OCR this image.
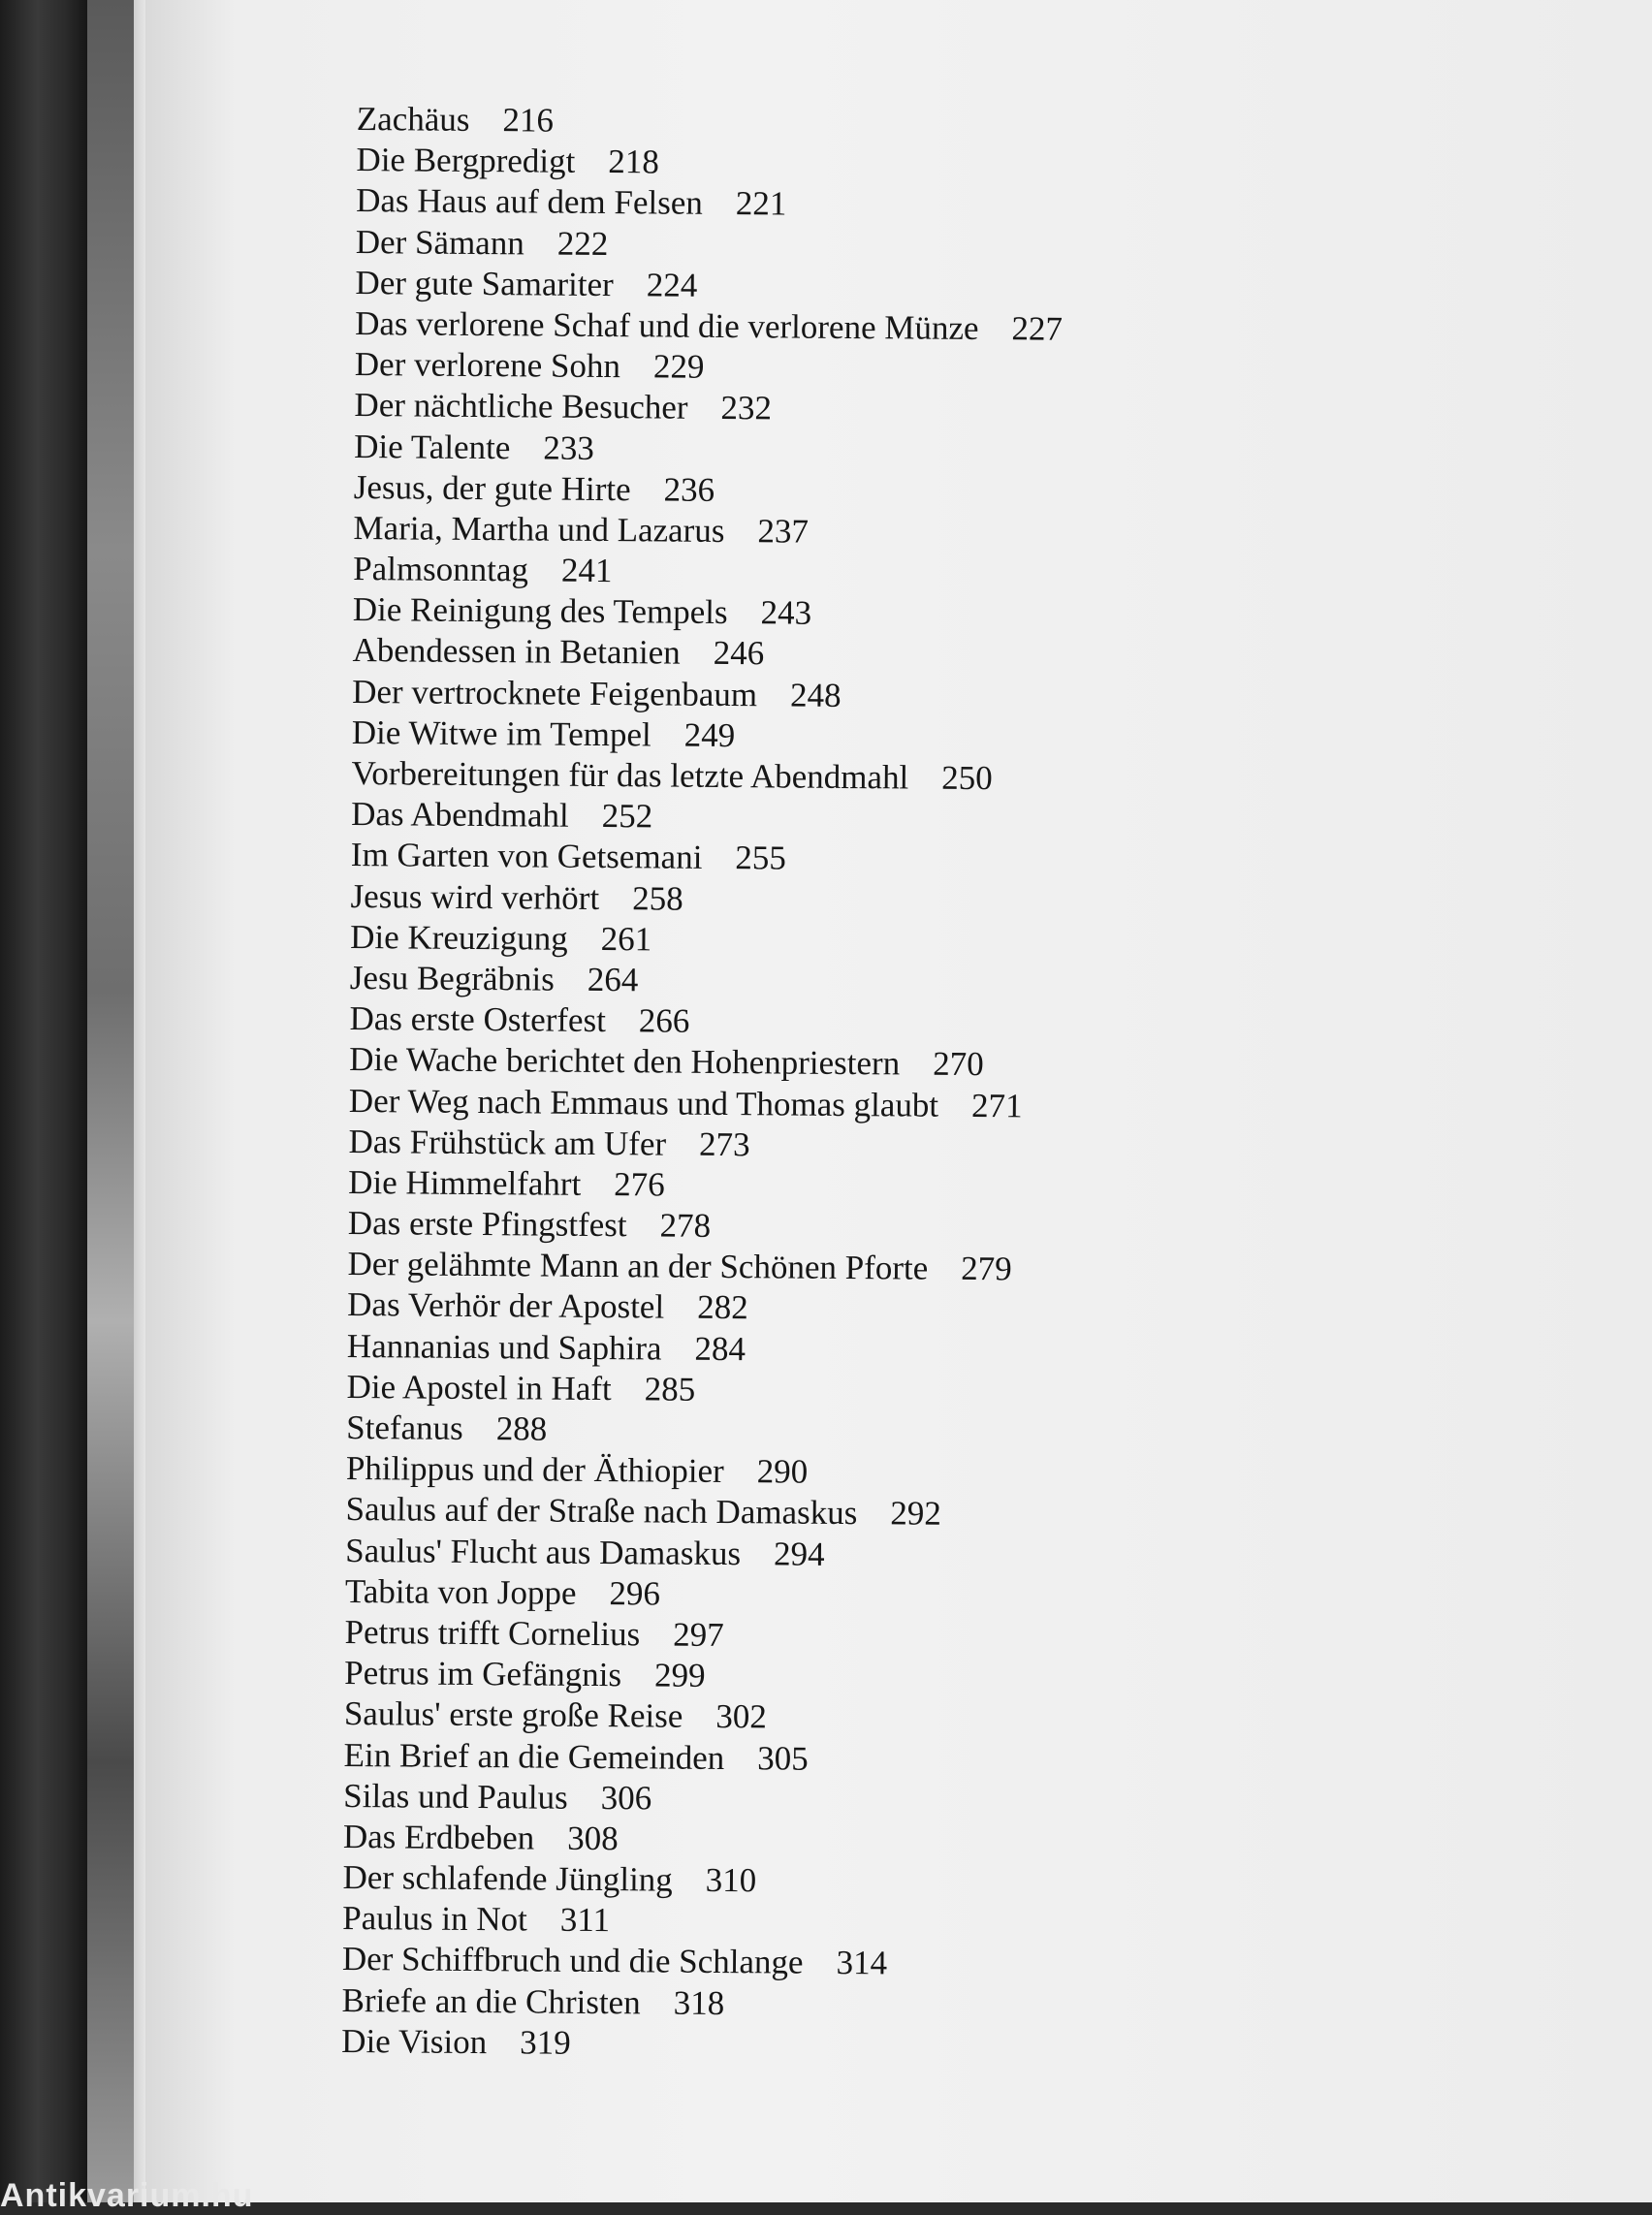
Zachäus 216
Die Bergpredigt 218
Das Haus auf dem Felsen 221
Der Sämann 222
Der gute Samariter 224
Das verlorene Schaf und die verlorene Münze 227
Der verlorene Sohn 229
Der nächtliche Besucher 232
Die Talente 233
Jesus, der gute Hirte 236
Maria, Martha und Lazarus 237
Palmsonntag 241
Die Reinigung des Tempels 243
Abendessen in Betanien 246
Der vertrocknete Feigenbaum 248
Die Witwe im Tempel 249
Vorbereitungen für das letzte Abendmahl 250
Das Abendmahl 252
Im Garten von Getsemani 255
Jesus wird verhört 258
Die Kreuzigung 261
Jesu Begräbnis 264
Das erste Osterfest 266
Die Wache berichtet den Hohenpriestern 270
Der Weg nach Emmaus und Thomas glaubt 271
Das Frühstück am Ufer 273
Die Himmelfahrt 276
Das erste Pfingstfest 278
Der gelähmte Mann an der Schönen Pforte 279
Das Verhör der Apostel 282
Hannanias und Saphira 284
Die Apostel in Haft 285
Stefanus 288
Philippus und der Äthiopier 290
Saulus auf der Straße nach Damaskus 292
Saulus' Flucht aus Damaskus 294
Tabita von Joppe 296
Petrus trifft Cornelius 297
Petrus im Gefängnis 299
Saulus' erste große Reise 302
Ein Brief an die Gemeinden 305
Silas und Paulus 306
Das Erdbeben 308
Der schlafende Jüngling 310
Paulus in Not 311
Der Schiffbruch und die Schlange 314
Briefe an die Christen 318
Die Vision 319
Antikvarium.hu
